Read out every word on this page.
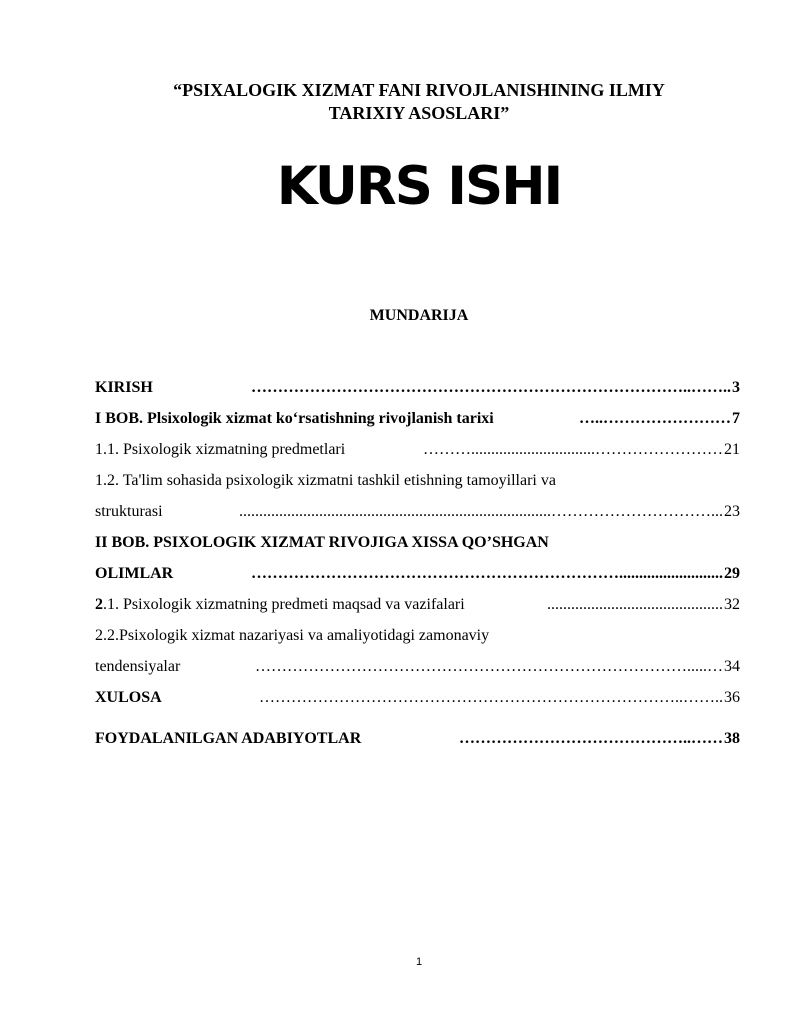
“PSIXALOGIK XIZMAT FANI RIVOJLANISHINING ILMIY
TARIXIY ASOSLARI”
KURS ISHI
MUNDARIJA
KIRISH	………………………………………………………………………..…….. 3
I BOB. Plsixologik xizmat ko‘rsatishning rivojlanish tarixi	…..…………………… 7
1.1. Psixologik xizmatning predmetlari	………...............................…………………… 21
1.2. Ta'lim sohasida psixologik xizmatni tashkil etishning tamoyillari va
strukturasi	..............................................................................…………………………... 23
II BOB. PSIXOLOGIK XIZMAT RIVOJIGA XISSA QO’SHGAN
OLIMLAR	…………………………………………………………….......................... 29
2.1. Psixologik xizmatning predmeti maqsad va vazifalari	............................................ 32
2.2.Psixologik xizmat nazariyasi va amaliyotidagi zamonaviy
tendensiyalar	……………………………………………………………………….....… 34
XULOSA	……………………………………………………………………..…….. 36
FOYDALANILGAN ADABIYOTLAR	……………………………………..…… 38
1
